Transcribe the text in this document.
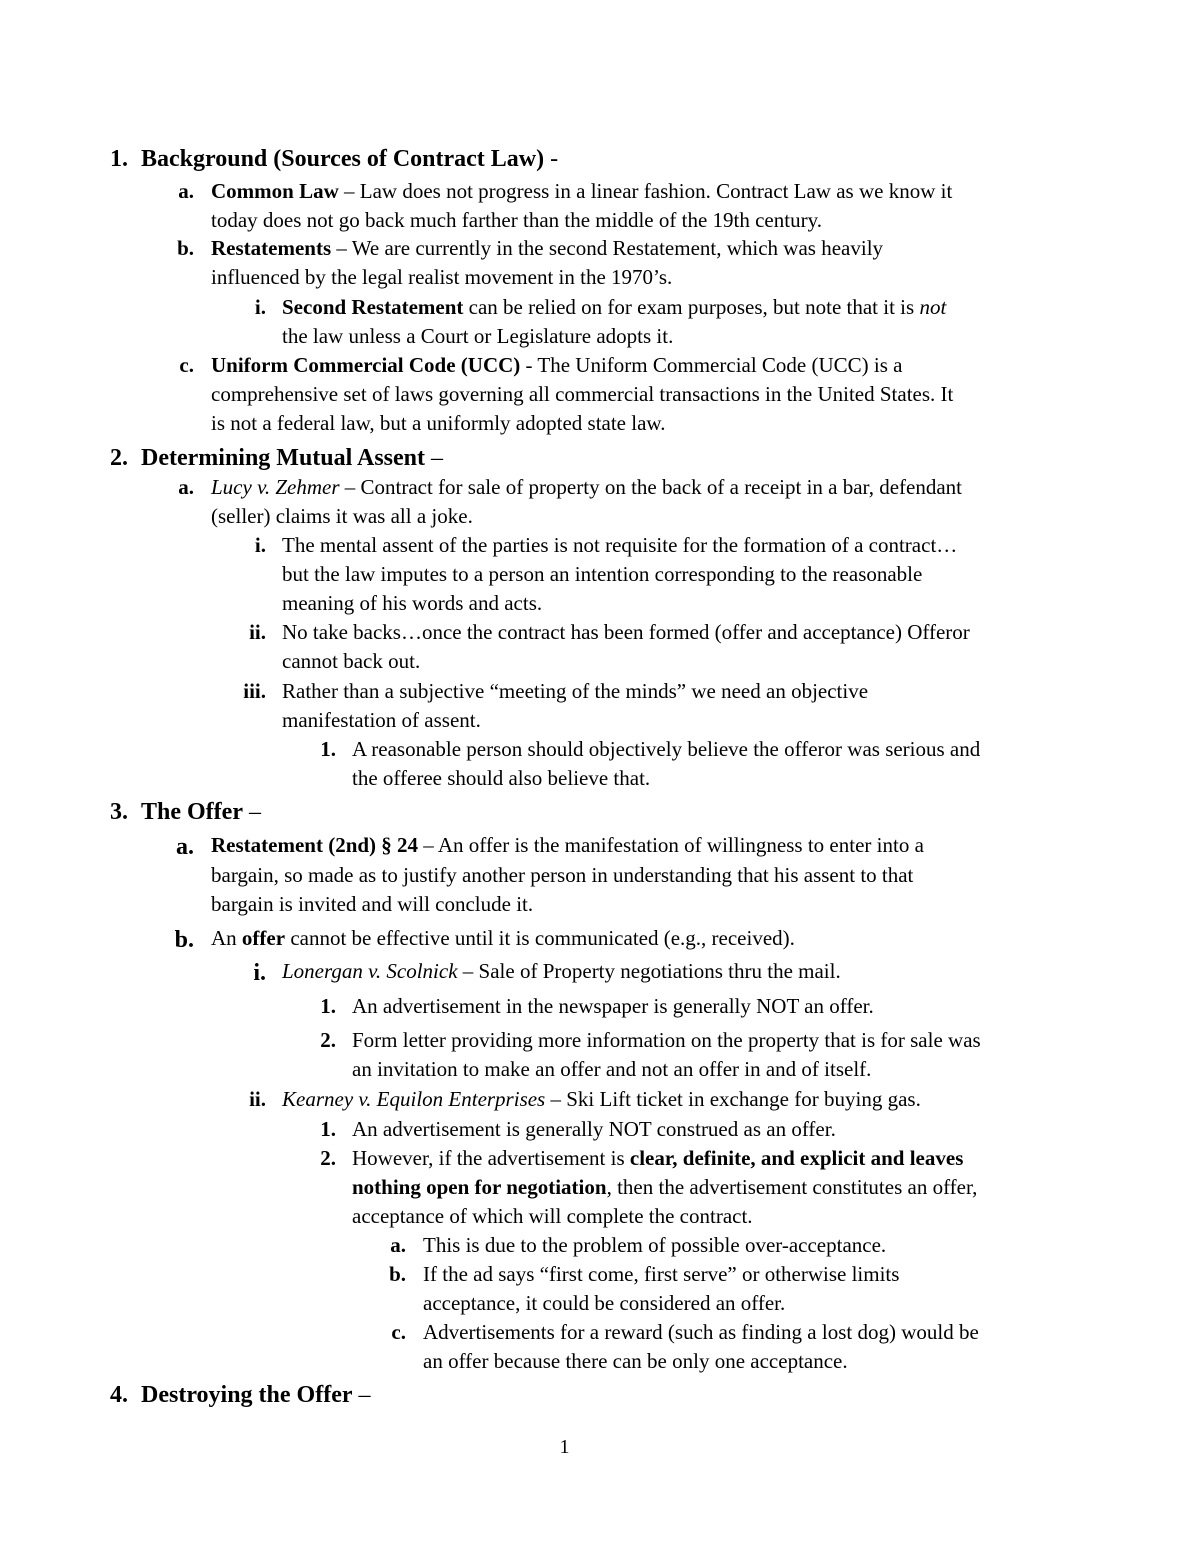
1. Background (Sources of Contract Law) -
a. Common Law – Law does not progress in a linear fashion. Contract Law as we know it
today does not go back much farther than the middle of the 19th century.
b. Restatements – We are currently in the second Restatement, which was heavily
influenced by the legal realist movement in the 1970’s.
i. Second Restatement can be relied on for exam purposes, but note that it is not
the law unless a Court or Legislature adopts it.
c. Uniform Commercial Code (UCC) - The Uniform Commercial Code (UCC) is a
comprehensive set of laws governing all commercial transactions in the United States. It
is not a federal law, but a uniformly adopted state law.
2. Determining Mutual Assent –
a. Lucy v. Zehmer – Contract for sale of property on the back of a receipt in a bar, defendant
(seller) claims it was all a joke.
i. The mental assent of the parties is not requisite for the formation of a contract…
but the law imputes to a person an intention corresponding to the reasonable
meaning of his words and acts.
ii. No take backs…once the contract has been formed (offer and acceptance) Offeror
cannot back out.
iii. Rather than a subjective “meeting of the minds” we need an objective
manifestation of assent.
1. A reasonable person should objectively believe the offeror was serious and
the offeree should also believe that.
3. The Offer –
a. Restatement (2nd) § 24 – An offer is the manifestation of willingness to enter into a
bargain, so made as to justify another person in understanding that his assent to that
bargain is invited and will conclude it.
b. An offer cannot be effective until it is communicated (e.g., received).
i. Lonergan v. Scolnick – Sale of Property negotiations thru the mail.
1. An advertisement in the newspaper is generally NOT an offer.
2. Form letter providing more information on the property that is for sale was
an invitation to make an offer and not an offer in and of itself.
ii. Kearney v. Equilon Enterprises – Ski Lift ticket in exchange for buying gas.
1. An advertisement is generally NOT construed as an offer.
2. However, if the advertisement is clear, definite, and explicit and leaves
nothing open for negotiation, then the advertisement constitutes an offer,
acceptance of which will complete the contract.
a. This is due to the problem of possible over-acceptance.
b. If the ad says “first come, first serve” or otherwise limits
acceptance, it could be considered an offer.
c. Advertisements for a reward (such as finding a lost dog) would be
an offer because there can be only one acceptance.
4. Destroying the Offer –
1
